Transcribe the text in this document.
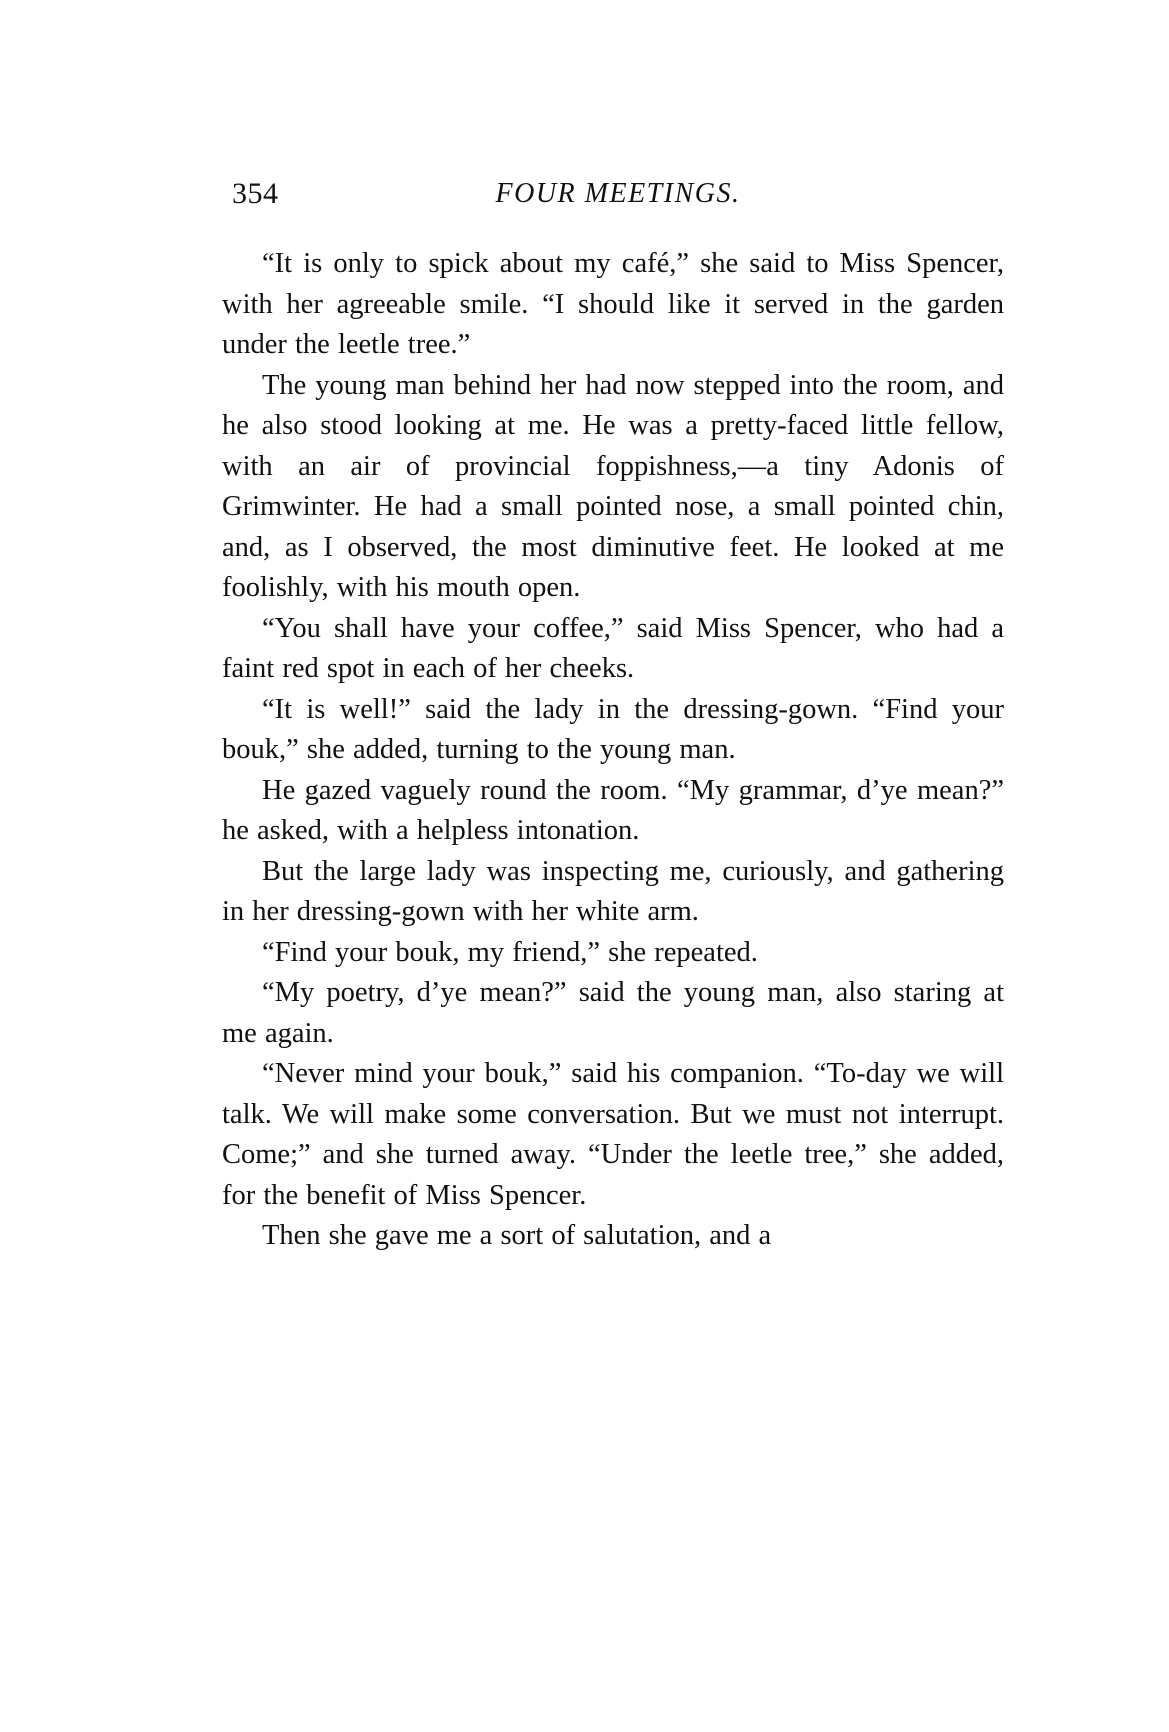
354	FOUR MEETINGS.

“It is only to spick about my café,” she said to Miss Spencer, with her agreeable smile. “I should like it served in the garden under the leetle tree.”

The young man behind her had now stepped into the room, and he also stood looking at me. He was a pretty-faced little fellow, with an air of provincial foppishness,—a tiny Adonis of Grimwinter. He had a small pointed nose, a small pointed chin, and, as I observed, the most diminutive feet. He looked at me foolishly, with his mouth open.

“You shall have your coffee,” said Miss Spencer, who had a faint red spot in each of her cheeks.

“It is well!” said the lady in the dressing-gown. “Find your bouk,” she added, turning to the young man.

He gazed vaguely round the room. “My grammar, d’ye mean?” he asked, with a helpless intonation.

But the large lady was inspecting me, curiously, and gathering in her dressing-gown with her white arm.

“Find your bouk, my friend,” she repeated.

“My poetry, d’ye mean?” said the young man, also staring at me again.

“Never mind your bouk,” said his companion. “To-day we will talk. We will make some conversation. But we must not interrupt. Come;” and she turned away. “Under the leetle tree,” she added, for the benefit of Miss Spencer.

Then she gave me a sort of salutation, and a
